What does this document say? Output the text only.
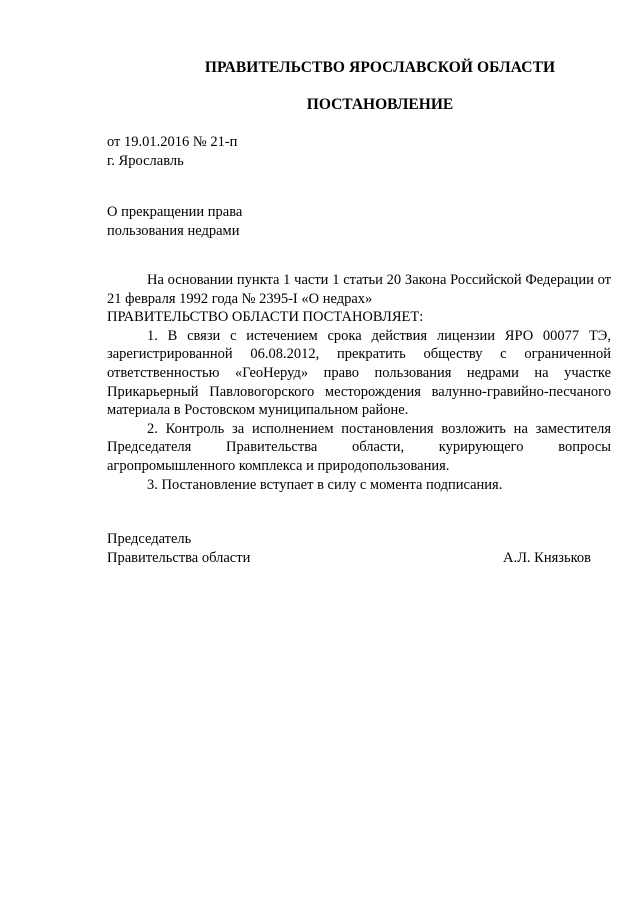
ПРАВИТЕЛЬСТВО ЯРОСЛАВСКОЙ ОБЛАСТИ
ПОСТАНОВЛЕНИЕ
от 19.01.2016 № 21-п
г. Ярославль
О прекращении права
пользования недрами

На основании пункта 1 части 1 статьи 20 Закона Российской Федерации от 21 февраля 1992 года № 2395-I «О недрах»

ПРАВИТЕЛЬСТВО ОБЛАСТИ ПОСТАНОВЛЯЕТ:

1. В связи с истечением срока действия лицензии ЯРО 00077 ТЭ, зарегистрированной 06.08.2012, прекратить обществу с ограниченной ответственностью «ГеоНеруд» право пользования недрами на участке Прикарьерный Павловогорского месторождения валунно-гравийно-песчаного материала в Ростовском муниципальном районе.

2. Контроль за исполнением постановления возложить на заместителя Председателя Правительства области, курирующего вопросы агропромышленного комплекса и природопользования.

3. Постановление вступает в силу с момента подписания.

Председатель
Правительства области	А.Л. Князьков
